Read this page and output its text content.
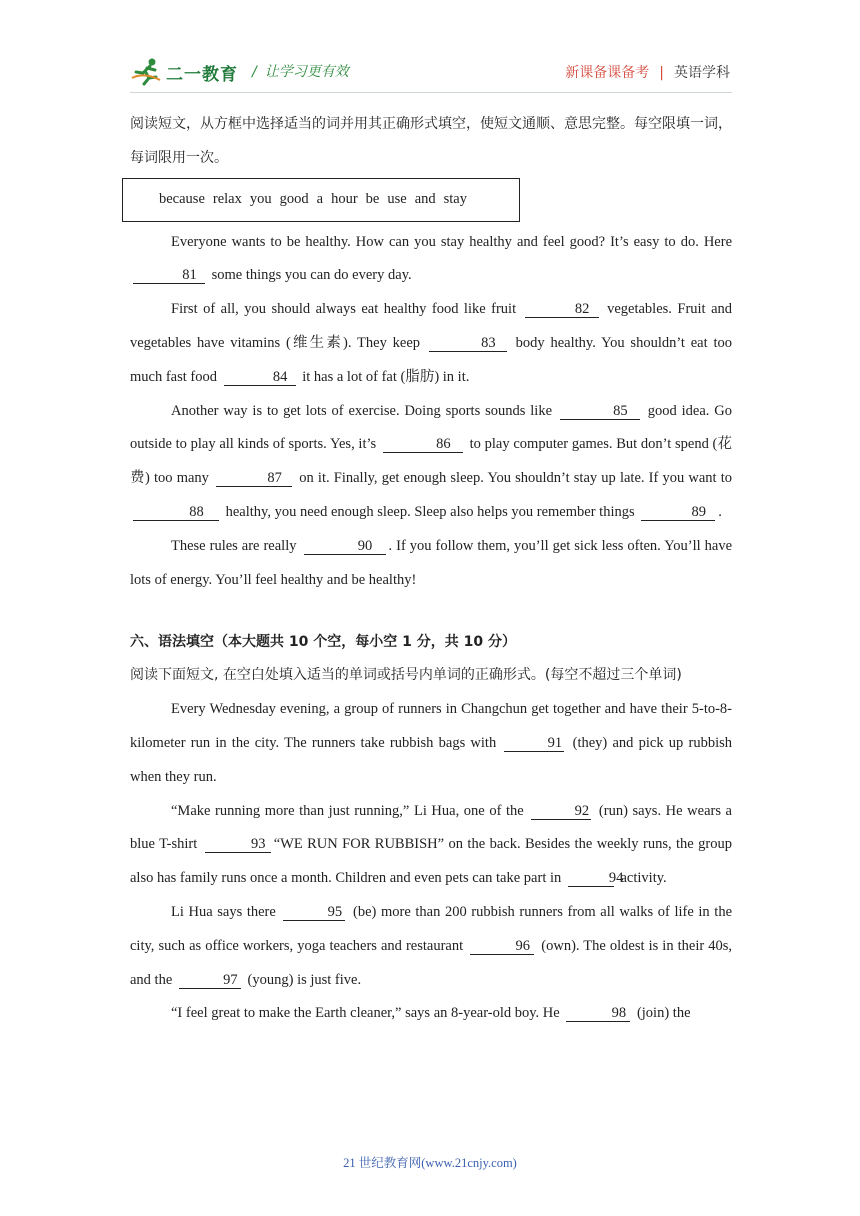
二一教育 / 让学习更有效	新课备课备考 | 英语学科

阅读短文，从方框中选择适当的词并用其正确形式填空，使短文通顺、意思完整。每空限填一词，每词限用一次。

because relax you good a hour be use and stay

Everyone wants to be healthy. How can you stay healthy and feel good? It’s easy to do. Here 81 some things you can do every day.

First of all, you should always eat healthy food like fruit	82 vegetables. Fruit and vegetables have vitamins (维生素). They keep	83 body healthy. You shouldn’t eat too much fast food	84 it has a lot of fat (脂肪) in it.

Another way is to get lots of exercise. Doing sports sounds like	85 good idea. Go outside to play all kinds of sports. Yes, it’s	86 to play computer games. But don’t spend (花费) too many	87 on it. Finally, get enough sleep. You shouldn’t stay up late. If you want to 88 healthy, you need enough sleep. Sleep also helps you remember things	89 .

These rules are really	90 . If you follow them, you’ll get sick less often. You’ll have lots of energy. You’ll feel healthy and be healthy!

六、语法填空（本大题共 10 个空，每小空 1 分，共 10 分）

阅读下面短文, 在空白处填入适当的单词或括号内单词的正确形式。(每空不超过三个单词)

Every Wednesday evening, a group of runners in Changchun get together and have their 5-to-8-kilometer run in the city. The runners take rubbish bags with	91 (they) and pick up rubbish when they run.

“Make running more than just running,” Li Hua, one of the	92 (run) says. He wears a blue T-shirt	93 “WE RUN FOR RUBBISH” on the back. Besides the weekly runs, the group also has family runs once a month. Children and even pets can take part in	94 activity.

Li Hua says there	95 (be) more than 200 rubbish runners from all walks of life in the city, such as office workers, yoga teachers and restaurant	96 (own). The oldest is in their 40s, and the	97 (young) is just five.

“I feel great to make the Earth cleaner,” says an 8-year-old boy. He	98 (join) the

21 世纪教育网(www.21cnjy.com)
